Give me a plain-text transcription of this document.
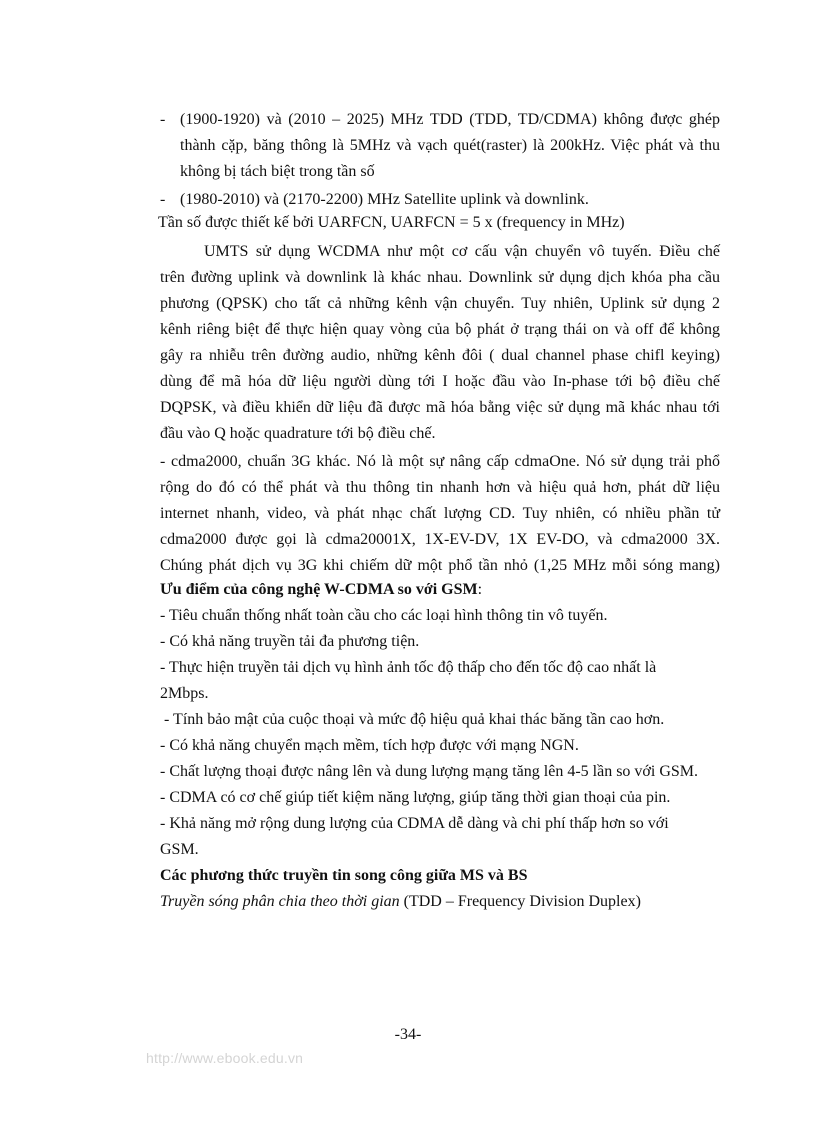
- (1900-1920) và (2010 – 2025) MHz TDD (TDD, TD/CDMA) không được ghép
thành cặp, băng thông là 5MHz và vạch quét(raster) là 200kHz. Việc phát và thu
không bị tách biệt trong tần số
- (1980-2010) và (2170-2200) MHz Satellite uplink và downlink.
Tần số được thiết kế bởi UARFCN, UARFCN = 5 x (frequency in MHz)
UMTS sử dụng WCDMA như một cơ cấu vận chuyển vô tuyến. Điều chế
trên đường uplink và downlink là khác nhau. Downlink sử dụng dịch khóa pha cầu
phương (QPSK) cho tất cả những kênh vận chuyển. Tuy nhiên, Uplink sử dụng 2
kênh riêng biệt để thực hiện quay vòng của bộ phát ở trạng thái on và off để không
gây ra nhiễu trên đường audio, những kênh đôi ( dual channel phase chifl keying)
dùng để mã hóa dữ liệu người dùng tới I hoặc đầu vào In-phase tới bộ điều chế
DQPSK, và điều khiển dữ liệu đã được mã hóa bằng việc sử dụng mã khác nhau tới
đầu vào Q hoặc quadrature tới bộ điều chế.
- cdma2000, chuẩn 3G khác. Nó là một sự nâng cấp cdmaOne. Nó sử dụng trải phổ
rộng do đó có thể phát và thu thông tin nhanh hơn và hiệu quả hơn, phát dữ liệu
internet nhanh, video, và phát nhạc chất lượng CD. Tuy nhiên, có nhiều phần tử
cdma2000 được gọi là cdma20001X, 1X-EV-DV, 1X EV-DO, và cdma2000 3X.
Chúng phát dịch vụ 3G khi chiếm dữ một phổ tần nhỏ (1,25 MHz mỗi sóng mang)
Ưu điểm của công nghệ W-CDMA so với GSM:
- Tiêu chuẩn thống nhất toàn cầu cho các loại hình thông tin vô tuyến.
- Có khả năng truyền tải đa phương tiện.
- Thực hiện truyền tải dịch vụ hình ảnh tốc độ thấp cho đến tốc độ cao nhất là
2Mbps.
- Tính bảo mật của cuộc thoại và mức độ hiệu quả khai thác băng tần cao hơn.
- Có khả năng chuyển mạch mềm, tích hợp được với mạng NGN.
- Chất lượng thoại được nâng lên và dung lượng mạng tăng lên 4-5 lần so với GSM.
- CDMA có cơ chế giúp tiết kiệm năng lượng, giúp tăng thời gian thoại của pin.
- Khả năng mở rộng dung lượng của CDMA dễ dàng và chi phí thấp hơn so với
GSM.
Các phương thức truyền tin song công giữa MS và BS
Truyền sóng phân chia theo thời gian (TDD – Frequency Division Duplex)
-34-
http://www.ebook.edu.vn
